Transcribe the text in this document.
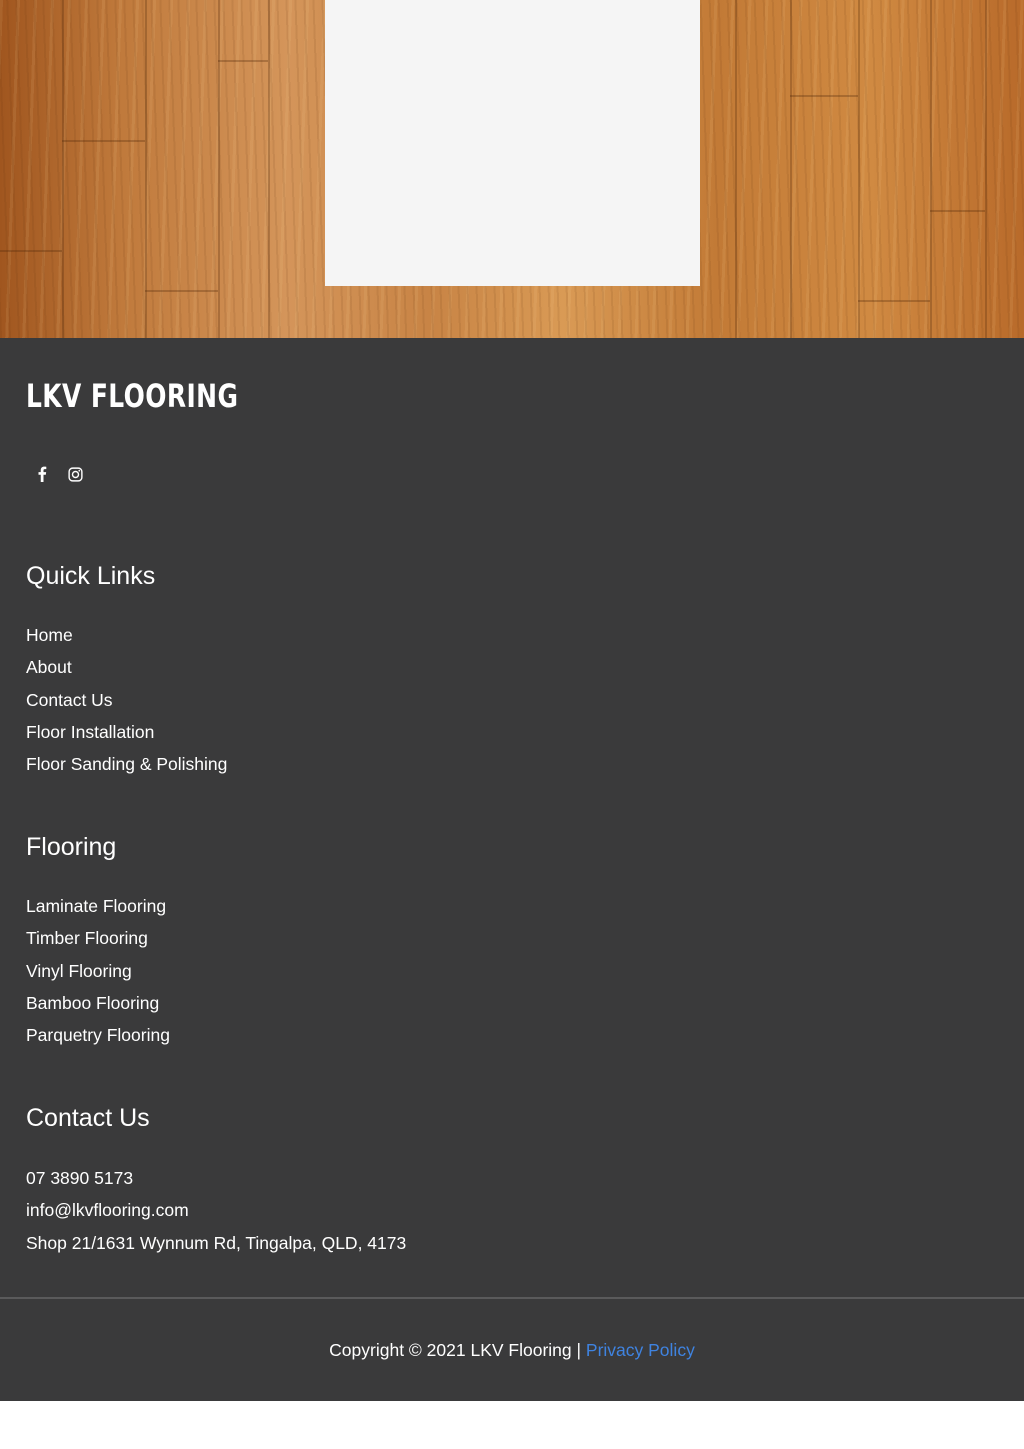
LKV FLOORING
Quick Links
Home
About
Contact Us
Floor Installation
Floor Sanding & Polishing
Flooring
Laminate Flooring
Timber Flooring
Vinyl Flooring
Bamboo Flooring
Parquetry Flooring
Contact Us
07 3890 5173
info@lkvflooring.com
Shop 21/1631 Wynnum Rd, Tingalpa, QLD, 4173
Copyright © 2021 LKV Flooring | Privacy Policy
